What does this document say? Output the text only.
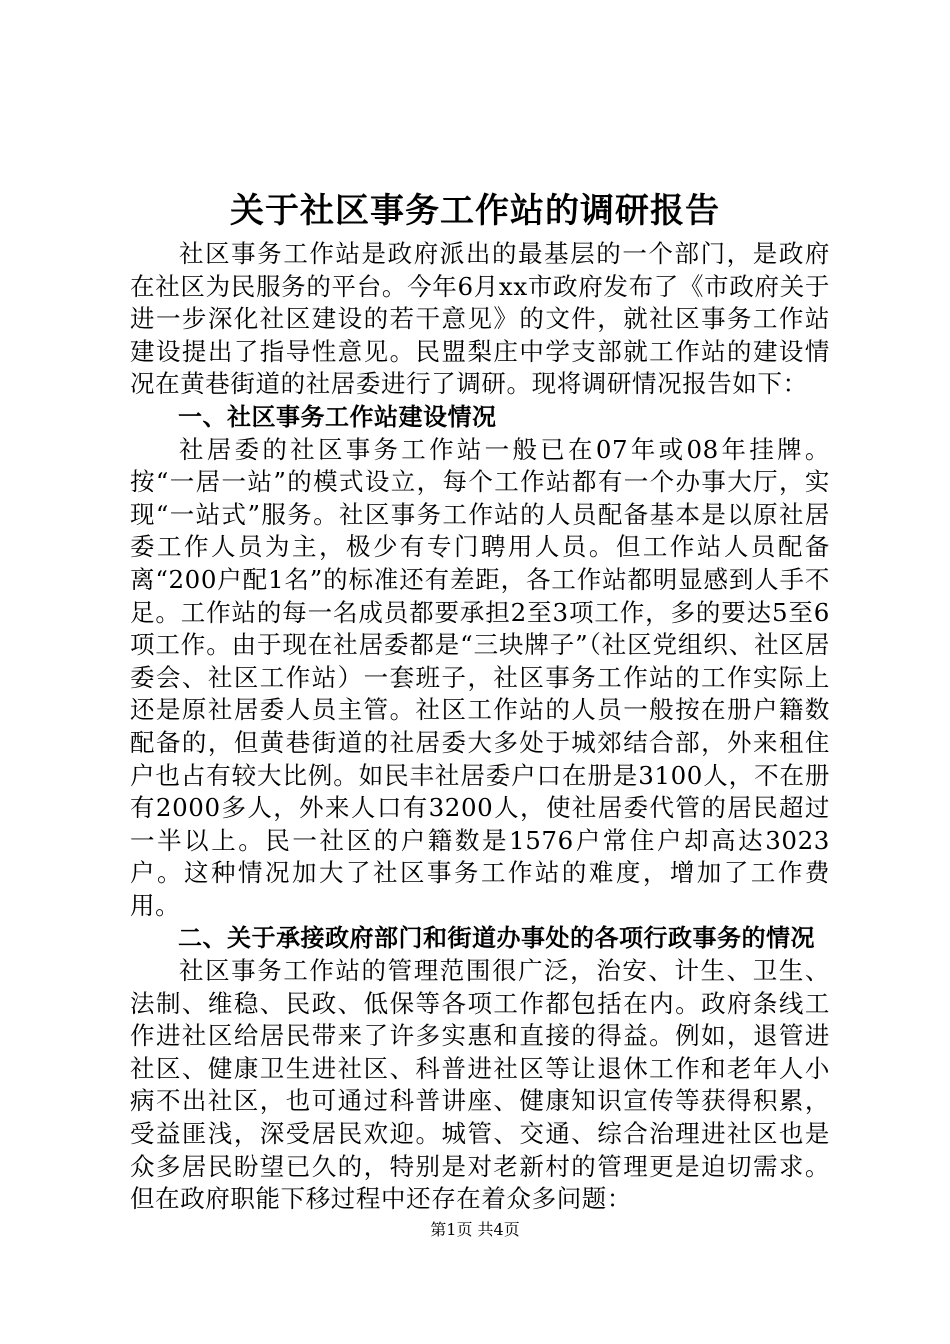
关于社区事务工作站的调研报告

社区事务工作站是政府派出的最基层的一个部门，是政府在社区为民服务的平台。今年6月xx市政府发布了《市政府关于进一步深化社区建设的若干意见》的文件，就社区事务工作站建设提出了指导性意见。民盟梨庄中学支部就工作站的建设情况在黄巷街道的社居委进行了调研。现将调研情况报告如下：

一、社区事务工作站建设情况

社居委的社区事务工作站一般已在07年或08年挂牌。按“一居一站”的模式设立，每个工作站都有一个办事大厅，实现“一站式”服务。社区事务工作站的人员配备基本是以原社居委工作人员为主，极少有专门聘用人员。但工作站人员配备离“200户配1名”的标准还有差距，各工作站都明显感到人手不足。工作站的每一名成员都要承担2至3项工作，多的要达5至6项工作。由于现在社居委都是“三块牌子”（社区党组织、社区居委会、社区工作站）一套班子，社区事务工作站的工作实际上还是原社居委人员主管。社区工作站的人员一般按在册户籍数配备的，但黄巷街道的社居委大多处于城郊结合部，外来租住户也占有较大比例。如民丰社居委户口在册是3100人，不在册有2000多人，外来人口有3200人，使社居委代管的居民超过一半以上。民一社区的户籍数是1576户常住户却高达3023户。这种情况加大了社区事务工作站的难度，增加了工作费用。

二、关于承接政府部门和街道办事处的各项行政事务的情况

社区事务工作站的管理范围很广泛，治安、计生、卫生、法制、维稳、民政、低保等各项工作都包括在内。政府条线工作进社区给居民带来了许多实惠和直接的得益。例如，退管进社区、健康卫生进社区、科普进社区等让退休工作和老年人小病不出社区，也可通过科普讲座、健康知识宣传等获得积累，受益匪浅，深受居民欢迎。城管、交通、综合治理进社区也是众多居民盼望已久的，特别是对老新村的管理更是迫切需求。但在政府职能下移过程中还存在着众多问题：

第1页 共4页
